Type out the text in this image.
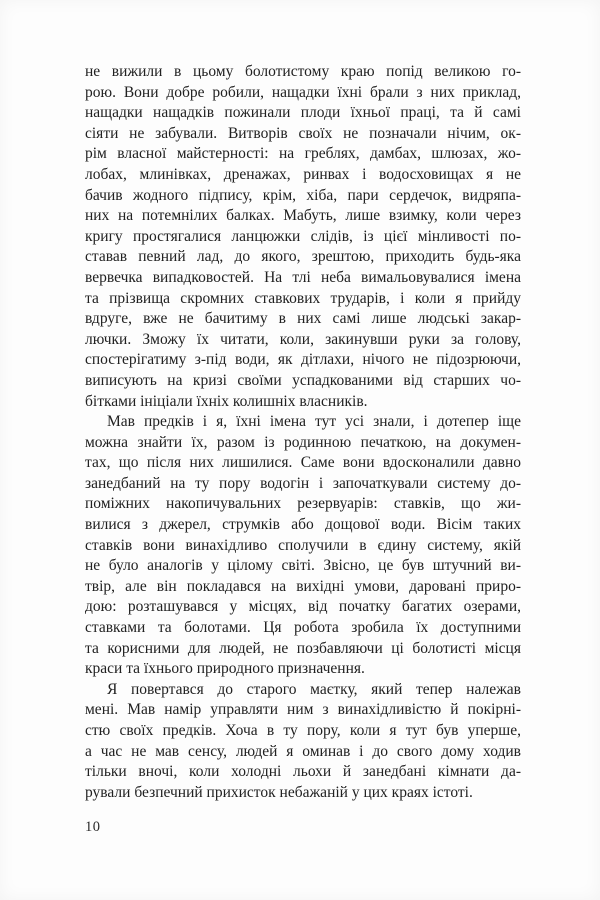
не вижили в цьому болотистому краю попід великою го-
рою. Вони добре робили, нащадки їхні брали з них приклад,
нащадки нащадків пожинали плоди їхньої праці, та й самі
сіяти не забували. Витворів своїх не позначали нічим, ок-
рім власної майстерності: на греблях, дамбах, шлюзах, жо-
лобах, млинівках, дренажах, ринвах і водосховищах я не
бачив жодного підпису, крім, хіба, пари сердечок, видряпа-
них на потемнілих балках. Мабуть, лише взимку, коли через
кригу простягалися ланцюжки слідів, із цієї мінливості по-
ставав певний лад, до якого, зрештою, приходить будь-яка
вервечка випадковостей. На тлі неба вимальовувалися імена
та прізвища скромних ставкових трударів, і коли я прийду
вдруге, вже не бачитиму в них самі лише людські закар-
лючки. Зможу їх читати, коли, закинувши руки за голову,
спостерігатиму з-під води, як дітлахи, нічого не підозрюючи,
виписують на кризі своїми успадкованими від старших чо-
бітками ініціали їхніх колишніх власників.
Мав предків і я, їхні імена тут усі знали, і дотепер іще
можна знайти їх, разом із родинною печаткою, на докумен-
тах, що після них лишилися. Саме вони вдосконалили давно
занедбаний на ту пору водогін і започаткували систему до-
поміжних накопичувальних резервуарів: ставків, що жи-
вилися з джерел, струмків або дощової води. Вісім таких
ставків вони винахідливо сполучили в єдину систему, якій
не було аналогів у цілому світі. Звісно, це був штучний ви-
твір, але він покладався на вихідні умови, даровані приро-
дою: розташувався у місцях, від початку багатих озерами,
ставками та болотами. Ця робота зробила їх доступними
та корисними для людей, не позбавляючи ці болотисті місця
краси та їхнього природного призначення.
Я повертався до старого маєтку, який тепер належав
мені. Мав намір управляти ним з винахідливістю й покірні-
стю своїх предків. Хоча в ту пору, коли я тут був уперше,
а час не мав сенсу, людей я оминав і до свого дому ходив
тільки вночі, коли холодні льохи й занедбані кімнати да-
рували безпечний прихисток небажаній у цих краях істоті.
10
